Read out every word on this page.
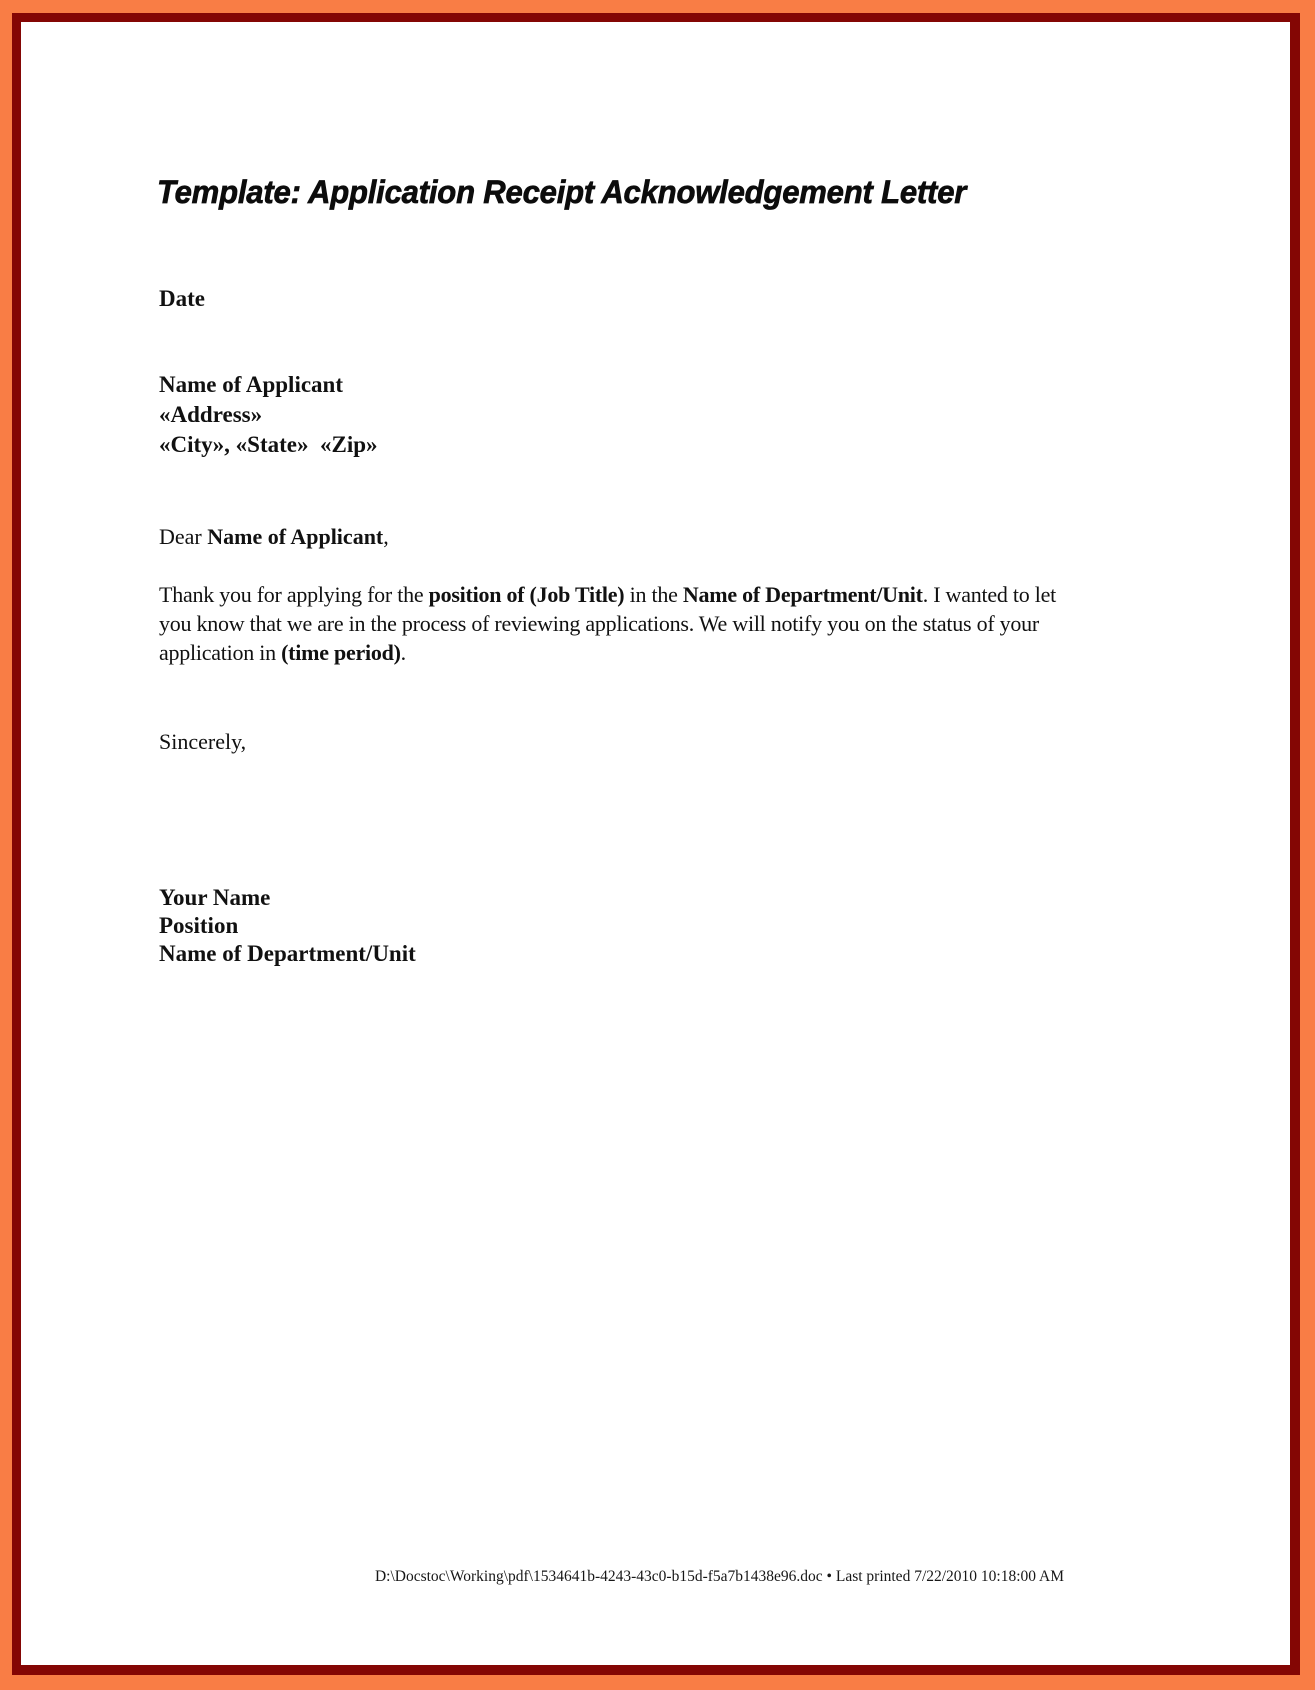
Template: Application Receipt Acknowledgement Letter
Date
Name of Applicant
«Address»
«City», «State»  «Zip»
Dear Name of Applicant,

Thank you for applying for the position of (Job Title) in the Name of Department/Unit. I wanted to let you know that we are in the process of reviewing applications. We will notify you on the status of your application in (time period).

Sincerely,
Your Name
Position
Name of Department/Unit
D:\Docstoc\Working\pdf\1534641b-4243-43c0-b15d-f5a7b1438e96.doc • Last printed 7/22/2010 10:18:00 AM
